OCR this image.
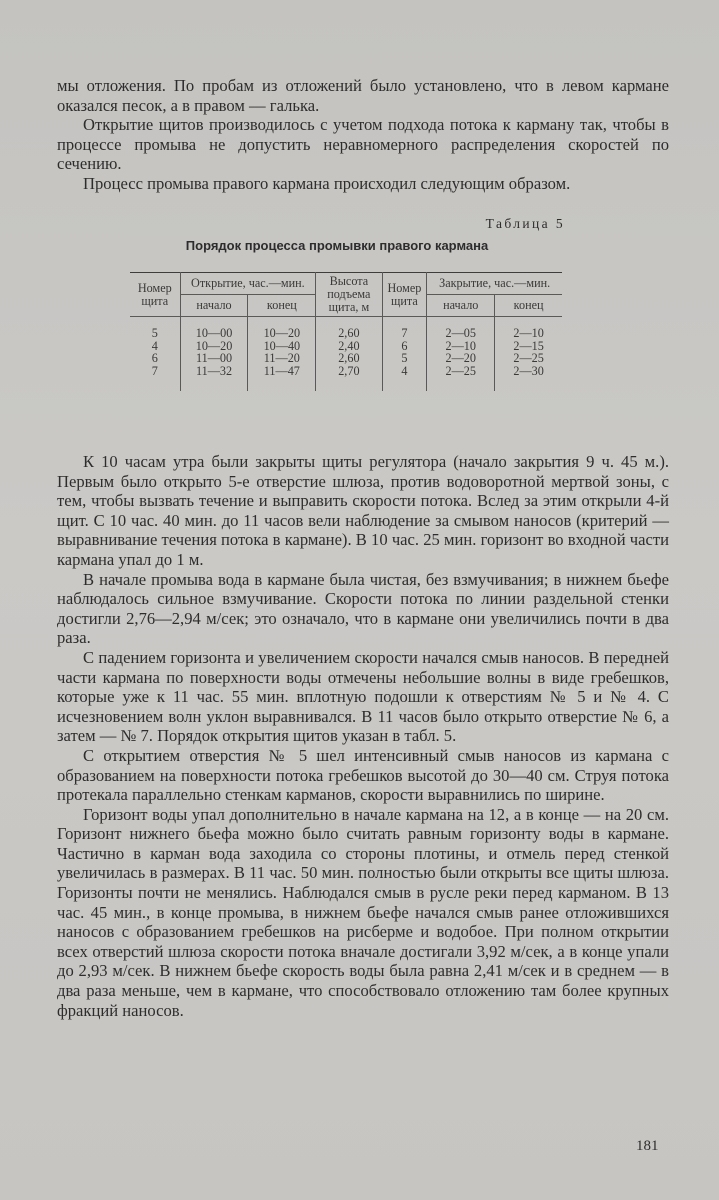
мы отложения. По пробам из отложений было установлено, что в левом кармане оказался песок, а в правом — галька.

Открытие щитов производилось с учетом подхода потока к карману так, чтобы в процессе промыва не допустить неравномерного распределения скоростей по сечению.

Процесс промыва правого кармана происходил следующим образом.

Таблица 5
Порядок процесса промывки правого кармана
Номер щита	Открытие, час.—мин.		Высота подъема щита, м	Номер щита	Закрытие, час.—мин.	
	начало	конец			начало	конец

5	10—00	10—20	2,60	7	2—05	2—10
4	10—20	10—40	2,40	6	2—10	2—15
6	11—00	11—20	2,60	5	2—20	2—25
7	11—32	11—47	2,70	4	2—25	2—30

К 10 часам утра были закрыты щиты регулятора (начало закрытия 9 ч. 45 м.). Первым было открыто 5-е отверстие шлюза, против водоворотной мертвой зоны, с тем, чтобы вызвать течение и выправить скорости потока. Вслед за этим открыли 4-й щит. С 10 час. 40 мин. до 11 часов вели наблюдение за смывом наносов (критерий — выравнивание течения потока в кармане). В 10 час. 25 мин. горизонт во входной части кармана упал до 1 м.

В начале промыва вода в кармане была чистая, без взмучивания; в нижнем бьефе наблюдалось сильное взмучивание. Скорости потока по линии раздельной стенки достигли 2,76—2,94 м/сек; это означало, что в кармане они увеличились почти в два раза.

С падением горизонта и увеличением скорости начался смыв наносов. В передней части кармана по поверхности воды отмечены небольшие волны в виде гребешков, которые уже к 11 час. 55 мин. вплотную подошли к отверстиям № 5 и № 4. С исчезновением волн уклон выравнивался. В 11 часов было открыто отверстие № 6, а затем — № 7. Порядок открытия щитов указан в табл. 5.

С открытием отверстия № 5 шел интенсивный смыв наносов из кармана с образованием на поверхности потока гребешков высотой до 30—40 см. Струя потока протекала параллельно стенкам карманов, скорости выравнились по ширине.

Горизонт воды упал дополнительно в начале кармана на 12, а в конце — на 20 см. Горизонт нижнего бьефа можно было считать равным горизонту воды в кармане. Частично в карман вода заходила со стороны плотины, и отмель перед стенкой увеличилась в размерах. В 11 час. 50 мин. полностью были открыты все щиты шлюза. Горизонты почти не менялись. Наблюдался смыв в русле реки перед карманом. В 13 час. 45 мин., в конце промыва, в нижнем бьефе начался смыв ранее отложившихся наносов с образованием гребешков на рисберме и водобое. При полном открытии всех отверстий шлюза скорости потока вначале достигали 3,92 м/сек, а в конце упали до 2,93 м/сек. В нижнем бьефе скорость воды была равна 2,41 м/сек и в среднем — в два раза меньше, чем в кармане, что способствовало отложению там более крупных фракций наносов.

181
